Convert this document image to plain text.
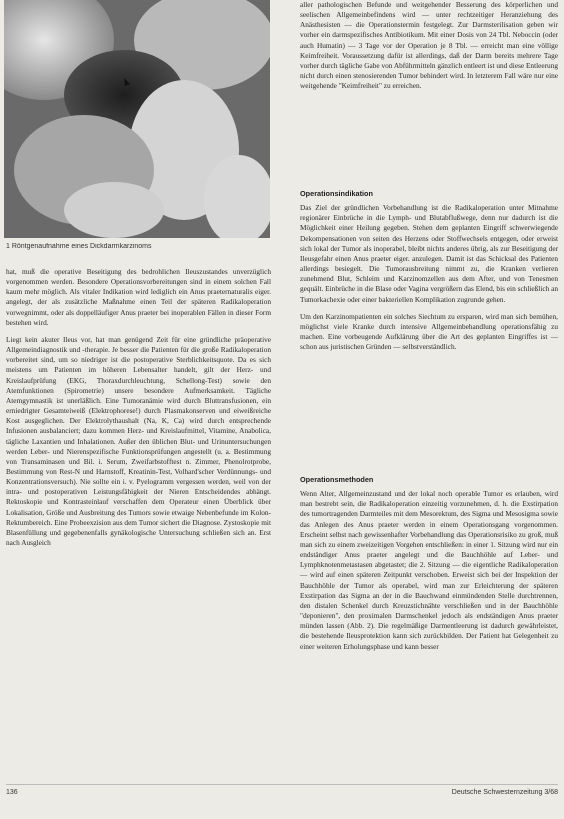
1 Röntgenaufnahme eines Dickdarmkarzinoms

hat, muß die operative Beseitigung des bedrohlichen Ileuszustandes unverzüglich vorgenommen werden. Besondere Operationsvorbereitungen sind in einem solchen Fall kaum mehr möglich. Als vitaler Indikation wird lediglich ein Anus praeternaturalis eiger. angelegt, der als zusätzliche Maßnahme einen Teil der späteren Radikaloperation vorwegnimmt, oder als doppelläufiger Anus praeter bei inoperablen Fällen in dieser Form bestehen wird.

Liegt kein akuter Ileus vor, hat man genügend Zeit für eine gründliche präoperative Allgemeindiagnostik und -therapie. Je besser die Patienten für die große Radikaloperation vorbereitet sind, um so niedriger ist die postoperative Sterblichkeitsquote. Da es sich meistens um Patienten im höheren Lebensalter handelt, gilt der Herz- und Kreislaufprüfung (EKG, Thoraxdurchleuchtung, Schellong-Test) sowie den Atemfunktionen (Spirometrie) unsere besondere Aufmerksamkeit. Tägliche Atemgymnastik ist unerläßlich. Eine Tumoranämie wird durch Bluttransfusionen, ein erniedrigter Gesamteiweiß (Elektrophorese!) durch Plasmakonserven und eiweißreiche Kost ausgeglichen. Der Elektrolythaushalt (Na, K, Ca) wird durch entsprechende Infusionen ausbalanciert; dazu kommen Herz- und Kreislaufmittel, Vitamine, Anabolica, tägliche Laxantien und Inhalationen. Außer den üblichen Blut- und Urinuntersuchungen werden Leber- und Nierenspezifische Funktionsprüfungen angestellt (u. a. Bestimmung von Transaminasen und Bil. i. Serum, Zweifarbstofftest n. Zimmer, Phenolrotprobe, Bestimmung von Rest-N und Harnstoff, Kreatinin-Test, Volhard'scher Verdünnungs- und Konzentrationsversuch). Nie sollte ein i. v. Pyelogramm vergessen werden, weil von der intra- und postoperativen Leistungsfähigkeit der Nieren Entscheidendes abhängt. Rektoskopie und Kontrasteinlauf verschaffen dem Operateur einen Überblick über Lokalisation, Größe und Ausbreitung des Tumors sowie etwaige Nebenbefunde im Kolon-Rektumbereich. Eine Probeexzision aus dem Tumor sichert die Diagnose. Zystoskopie mit Blasenfüllung und gegebenenfalls gynäkologische Untersuchung schließen sich an. Erst nach Ausgleich

aller pathologischen Befunde und weitgehender Besserung des körperlichen und seelischen Allgemeinbefindens wird — unter rechtzeitiger Heranziehung des Anästhesisten — die Operationstermin festgelegt. Zur Darmsterilisation geben wir vorher ein darmspezifisches Antibiotikum. Mit einer Dosis von 24 Tbl. Neboccin (oder auch Humatin) — 3 Tage vor der Operation je 8 Tbl. — erreicht man eine völlige Keimfreiheit. Voraussetzung dafür ist allerdings, daß der Darm bereits mehrere Tage vorher durch tägliche Gabe von Abführmitteln gänzlich entleert ist und diese Entleerung nicht durch einen stenosierenden Tumor behindert wird. In letzterem Fall wäre nur eine weitgehende "Keimfreiheit" zu erreichen.

Operationsindikation

Das Ziel der gründlichen Vorbehandlung ist die Radikaloperation unter Mitnahme regionärer Einbrüche in die Lymph- und Blutabflußwege, denn nur dadurch ist die Möglichkeit einer Heilung gegeben. Stehen dem geplanten Eingriff schwerwiegende Dekompensationen von seiten des Herzens oder Stoffwechsels entgegen, oder erweist sich lokal der Tumor als inoperabel, bleibt nichts anderes übrig, als zur Beseitigung der Ileusgefahr einen Anus praeter eiger. anzulegen. Damit ist das Schicksal des Patienten allerdings besiegelt. Die Tumorausbreitung nimmt zu, die Kranken verlieren zunehmend Blut, Schleim und Karzinomzellen aus dem After, und von Tenesmen gequält. Einbrüche in die Blase oder Vagina vergrößern das Elend, bis ein schließlich an Tumorkachexie oder einer bakteriellen Komplikation zugrunde gehen.

Um den Karzinompatienten ein solches Siechtum zu ersparen, wird man sich bemühen, möglichst viele Kranke durch intensive Allgemeinbehandlung operationsfähig zu machen. Eine vorbeugende Aufklärung über die Art des geplanten Eingriffes ist — schon aus juristischen Gründen — selbstverständlich.

Operationsmethoden

Wenn Alter, Allgemeinzustand und der lokal noch operable Tumor es erlauben, wird man bestrebt sein, die Radikaloperation einzeitig vorzunehmen, d. h. die Exstirpation des tumortragenden Darmteiles mit dem Mesorektum, des Sigma und Mesosigma sowie das Anlegen des Anus praeter werden in einem Operationsgang vorgenommen. Erscheint selbst nach gewissenhafter Vorbehandlung das Operationsrisiko zu groß, muß man sich zu einem zweizeitigen Vorgehen entschließen: in einer 1. Sitzung wird nur ein endständiger Anus praeter angelegt und die Bauchhöhle auf Leber- und Lymphknotenmetastasen abgetastet; die 2. Sitzung — die eigentliche Radikaloperation — wird auf einen späteren Zeitpunkt verschoben. Erweist sich bei der Inspektion der Bauchhöhle der Tumor als operabel, wird man zur Erleichterung der späteren Exstirpation das Sigma an der in die Bauchwand einmündenden Stelle durchtrennen, den distalen Schenkel durch Kreuzstichnähte verschließen und in der Bauchhöhle "deponieren", den proximalen Darmschenkel jedoch als endständigen Anus praeter münden lassen (Abb. 2). Die regelmäßige Darmentleerung ist dadurch gewährleistet, die bestehende Ileusprotektion kann sich zurückbilden. Der Patient hat Gelegenheit zu einer weiteren Erholungsphase und kann besser

136	Deutsche Schwesternzeitung 3/68
